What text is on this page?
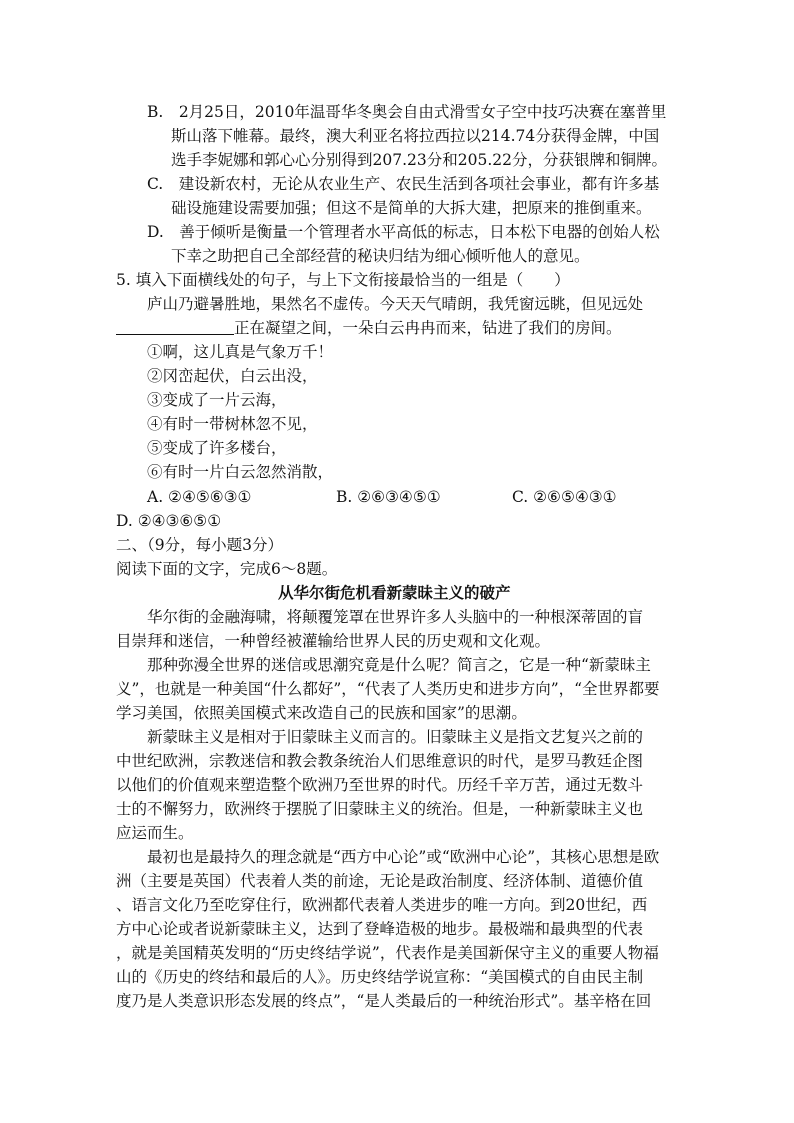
B.　2月25日，2010年温哥华冬奥会自由式滑雪女子空中技巧决赛在塞普里
斯山落下帷幕。最终，澳大利亚名将拉西拉以214.74分获得金牌，中国
选手李妮娜和郭心心分别得到207.23分和205.22分，分获银牌和铜牌。
C.　建设新农村，无论从农业生产、农民生活到各项社会事业，都有许多基
础设施建设需要加强；但这不是简单的大拆大建，把原来的推倒重来。
D.　善于倾听是衡量一个管理者水平高低的标志，日本松下电器的创始人松
下幸之助把自己全部经营的秘诀归结为细心倾听他人的意见。
5. 填入下面横线处的句子，与上下文衔接最恰当的一组是（　　）
庐山乃避暑胜地，果然名不虚传。今天天气晴朗，我凭窗远眺，但见远处
正在凝望之间，一朵白云冉冉而来，钻进了我们的房间。
①啊，这儿真是气象万千！
②冈峦起伏，白云出没，
③变成了一片云海，
④有时一带树林忽不见，
⑤变成了许多楼台，
⑥有时一片白云忽然消散，
A. ②④⑤⑥③①	B. ②⑥③④⑤①	C. ②⑥⑤④③①
D. ②④③⑥⑤①
二、（9分，每小题3分）
阅读下面的文字，完成6～8题。
从华尔街危机看新蒙昧主义的破产
华尔街的金融海啸，将颠覆笼罩在世界许多人头脑中的一种根深蒂固的盲
目崇拜和迷信，一种曾经被灌输给世界人民的历史观和文化观。
那种弥漫全世界的迷信或思潮究竟是什么呢？简言之，它是一种“新蒙昧主
义”，也就是一种美国“什么都好”，“代表了人类历史和进步方向”，“全世界都要
学习美国，依照美国模式来改造自己的民族和国家”的思潮。
新蒙昧主义是相对于旧蒙昧主义而言的。旧蒙昧主义是指文艺复兴之前的
中世纪欧洲，宗教迷信和教会教条统治人们思维意识的时代，是罗马教廷企图
以他们的价值观来塑造整个欧洲乃至世界的时代。历经千辛万苦，通过无数斗
士的不懈努力，欧洲终于摆脱了旧蒙昧主义的统治。但是，一种新蒙昧主义也
应运而生。
最初也是最持久的理念就是“西方中心论”或“欧洲中心论”，其核心思想是欧
洲（主要是英国）代表着人类的前途，无论是政治制度、经济体制、道德价值
、语言文化乃至吃穿住行，欧洲都代表着人类进步的唯一方向。到20世纪，西
方中心论或者说新蒙昧主义，达到了登峰造极的地步。最极端和最典型的代表
，就是美国精英发明的“历史终结学说”，代表作是美国新保守主义的重要人物福
山的《历史的终结和最后的人》。历史终结学说宣称：“美国模式的自由民主制
度乃是人类意识形态发展的终点”，“是人类最后的一种统治形式”。基辛格在回
